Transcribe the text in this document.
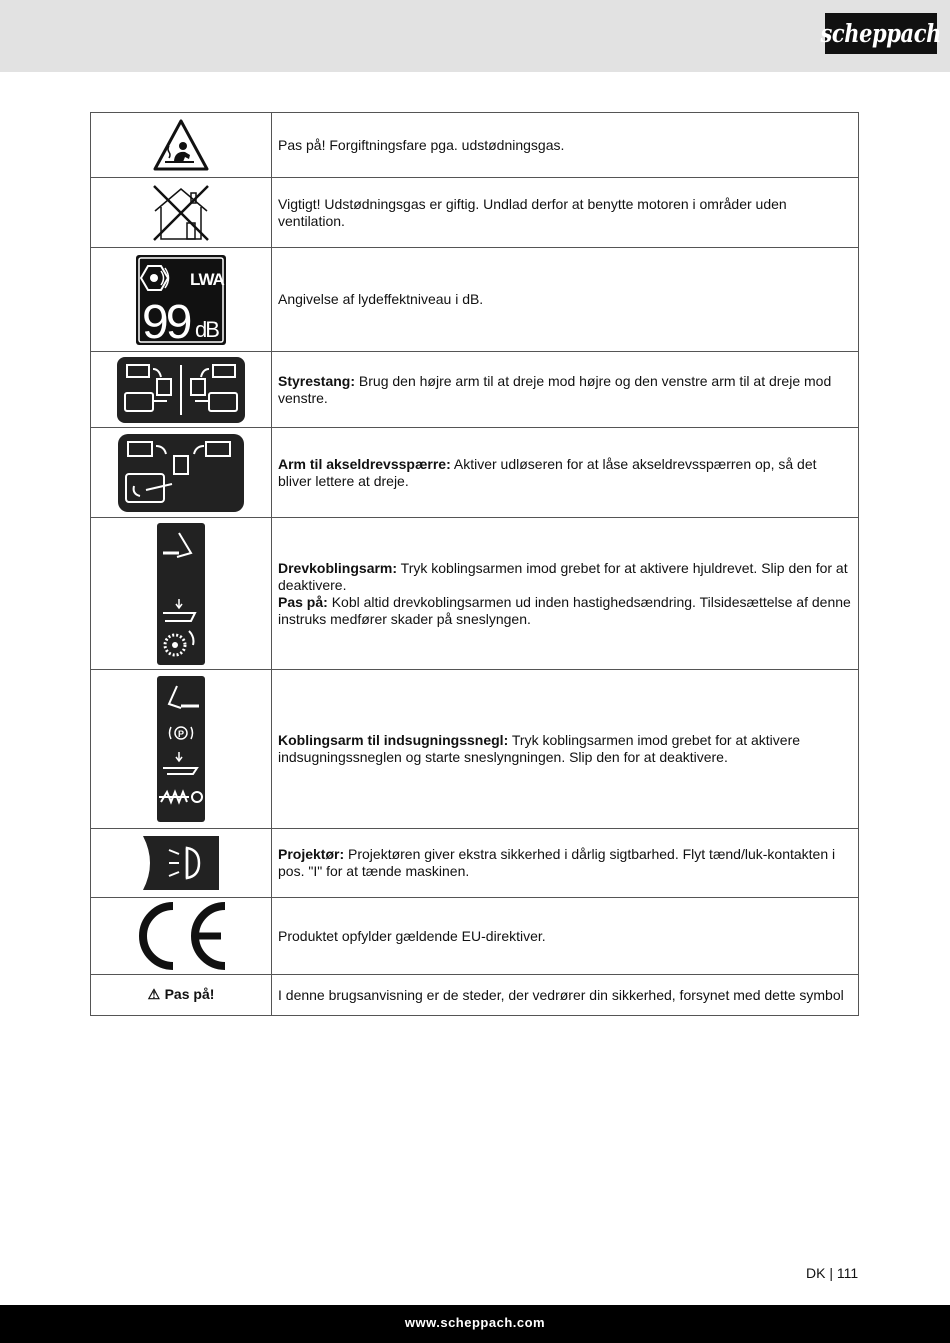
scheppach
	Pas på! Forgiftningsfare pga. udstødningsgas.

	Vigtigt! Udstødningsgas er giftig. Undlad derfor at benytte motoren i områder uden ventilation.

LWA
99 dB	Angivelse af lydeffektniveau i dB.

	Styrestang: Brug den højre arm til at dreje mod højre og den venstre arm til at dreje mod venstre.

	Arm til akseldrevsspærre: Aktiver udløseren for at låse akseldrevsspærren op, så det bliver lettere at dreje.

	Drevkoblingsarm: Tryk koblingsarmen imod grebet for at aktivere hjuldrevet. Slip den for at deaktivere.
Pas på: Kobl altid drevkoblingsarmen ud inden hastighedsændring. Tilsidesættelse af denne instruks medfører skader på sneslyngen.

P	Koblingsarm til indsugningssnegl: Tryk koblingsarmen imod grebet for at aktivere indsugningssneglen og starte sneslyngningen. Slip den for at deaktivere.

	Projektør: Projektøren giver ekstra sikkerhed i dårlig sigtbarhed. Flyt tænd/luk-kontakten i pos. "I" for at tænde maskinen.

	Produktet opfylder gældende EU-direktiver.
⚠ Pas på!	I denne brugsanvisning er de steder, der vedrører din sikkerhed, forsynet med dette symbol
DK | 111
www.scheppach.com
